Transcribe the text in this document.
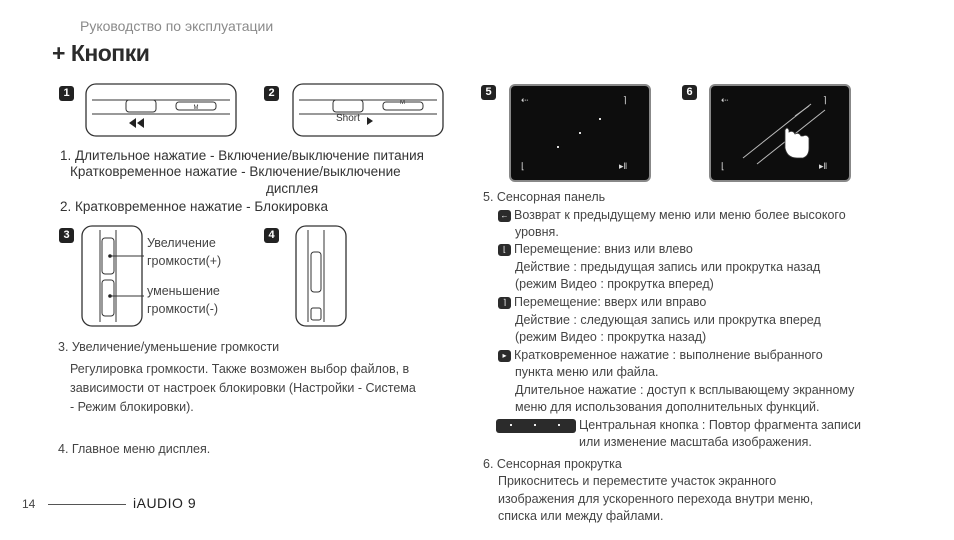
Руководство по эксплуатации
+ Кнопки
1
M
2
Short
M
1. Длительное нажатие - Включение/выключение питания
Кратковременное нажатие - Включение/выключение
дисплея
2. Кратковременное нажатие - Блокировка
3
Увеличение громкости(+)
уменьшение громкости(-)
4
3. Увеличение/уменьшение громкости
Регулировка громкости. Также возможен выбор файлов, в
зависимости от настроек блокировки (Настройки - Система
- Режим блокировки).
4. Главное меню дисплея.
5
⇠	⌉
⌊	▸‖
6
⇠	⌉
⌊	▸‖
5. Сенсорная панель
← Возврат к предыдущему меню или меню более высокого
уровня.
⌊ Перемещение: вниз или влево
Действие : предыдущая запись или прокрутка назад
(режим Видео : прокрутка вперед)
⌉ Перемещение: вверх или вправо
Действие : следующая запись или прокрутка вперед
(режим Видео : прокрутка назад)
▸ Кратковременное нажатие : выполнение выбранного
пункта меню или файла.
Длительное нажатие : доступ к всплывающему экранному
меню для использования дополнительных функций.
Центральная кнопка : Повтор фрагмента записи
или изменение масштаба изображения.
6. Сенсорная прокрутка
Прикоснитесь и переместите участок экранного
изображения для ускоренного перехода внутри меню,
списка или между файлами.
14	iAUDIO 9
